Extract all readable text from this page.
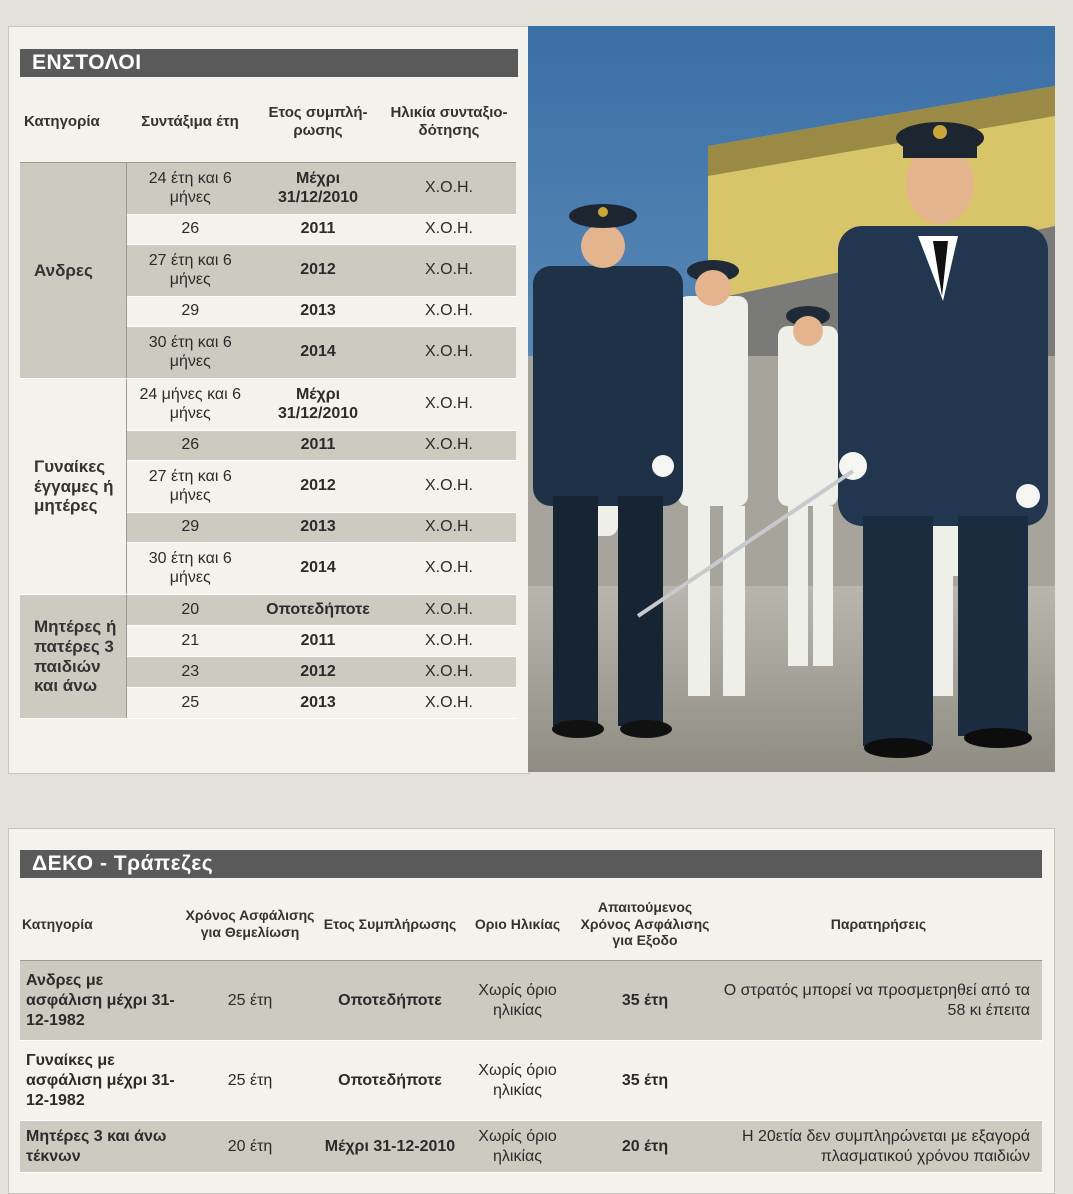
ΕΝΣΤΟΛΟΙ
Κατηγορία	Συντάξιμα έτη	Ετος συμπλή-ρωσης	Ηλικία συνταξιο-δότησης
Ανδρες	24 έτη και 6 μήνες	Μέχρι 31/12/2010	Χ.Ο.Η.
	26	2011	Χ.Ο.Η.
	27 έτη και 6 μήνες	2012	Χ.Ο.Η.
	29	2013	Χ.Ο.Η.
	30 έτη και 6 μήνες	2014	Χ.Ο.Η.
Γυναίκες έγγαμες ή μητέρες	24 μήνες και 6 μήνες	Μέχρι 31/12/2010	Χ.Ο.Η.
	26	2011	Χ.Ο.Η.
	27 έτη και 6 μήνες	2012	Χ.Ο.Η.
	29	2013	Χ.Ο.Η.
	30 έτη και 6 μήνες	2014	Χ.Ο.Η.
Μητέρες ή πατέρες 3 παιδιών και άνω	20	Οποτεδήποτε	Χ.Ο.Η.
	21	2011	Χ.Ο.Η.
	23	2012	Χ.Ο.Η.
	25	2013	Χ.Ο.Η.
ΔΕΚΟ - Τράπεζες
Κατηγορία	Χρόνος Ασφάλισης για Θεμελίωση	Ετος Συμπλήρωσης	Οριο Ηλικίας	Απαιτούμενος Χρόνος Ασφάλισης για Εξοδο	Παρατηρήσεις
Ανδρες με ασφάλιση μέχρι 31-12-1982	25 έτη	Οποτεδήποτε	Χωρίς όριο ηλικίας	35 έτη	Ο στρατός μπορεί να προσμετρηθεί από τα 58 κι έπειτα
Γυναίκες με ασφάλιση μέχρι 31-12-1982	25 έτη	Οποτεδήποτε	Χωρίς όριο ηλικίας	35 έτη	
Μητέρες 3 και άνω τέκνων	20 έτη	Μέχρι 31-12-2010	Χωρίς όριο ηλικίας	20 έτη	Η 20ετία δεν συμπληρώνεται με εξαγορά πλασματικού χρόνου παιδιών
